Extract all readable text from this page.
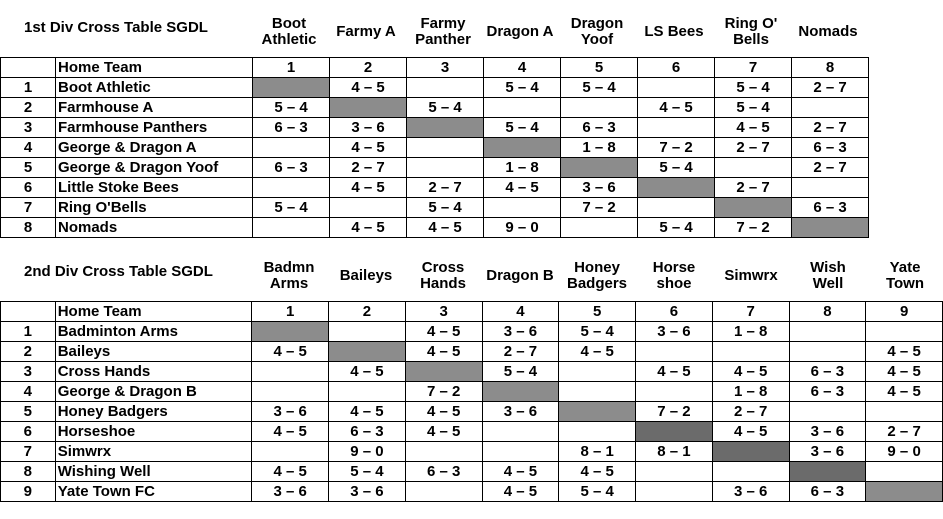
1st Div Cross Table SGDL	Boot
Athletic	Farmy A	Farmy
Panther	Dragon A	Dragon
Yoof	LS Bees	Ring O'
Bells	Nomads
	Home Team	1	2	3	4	5	6	7	8
1	Boot Athletic		4 – 5		5 – 4	5 – 4		5 – 4	2 – 7
2	Farmhouse A	5 – 4		5 – 4			4 – 5	5 – 4	
3	Farmhouse Panthers	6 – 3	3 – 6		5 – 4	6 – 3		4 – 5	2 – 7
4	George & Dragon A		4 – 5			1 – 8	7 – 2	2 – 7	6 – 3
5	George & Dragon Yoof	6 – 3	2 – 7		1 – 8		5 – 4		2 – 7
6	Little Stoke Bees		4 – 5	2 – 7	4 – 5	3 – 6		2 – 7	
7	Ring O'Bells	5 – 4		5 – 4		7 – 2			6 – 3
8	Nomads		4 – 5	4 – 5	9 – 0		5 – 4	7 – 2	
2nd Div Cross Table SGDL	Badmn
Arms	Baileys	Cross
Hands	Dragon B	Honey
Badgers
Horse
shoe	Simwrx	Wish
Well
Yate
Town
	Home Team	1	2	3	4	5	6	7	8	9
1	Badminton Arms			4 – 5	3 – 6	5 – 4	3 – 6	1 – 8		
2	Baileys	4 – 5		4 – 5	2 – 7	4 – 5				4 – 5
3	Cross Hands		4 – 5		5 – 4		4 – 5	4 – 5	6 – 3	4 – 5
4	George & Dragon B			7 – 2				1 – 8	6 – 3	4 – 5
5	Honey Badgers	3 – 6	4 – 5	4 – 5	3 – 6		7 – 2	2 – 7		
6	Horseshoe	4 – 5	6 – 3	4 – 5				4 – 5	3 – 6	2 – 7
7	Simwrx		9 – 0			8 – 1	8 – 1		3 – 6	9 – 0
8	Wishing Well	4 – 5	5 – 4	6 – 3	4 – 5	4 – 5				
9	Yate Town FC	3 – 6	3 – 6		4 – 5	5 – 4		3 – 6	6 – 3	
